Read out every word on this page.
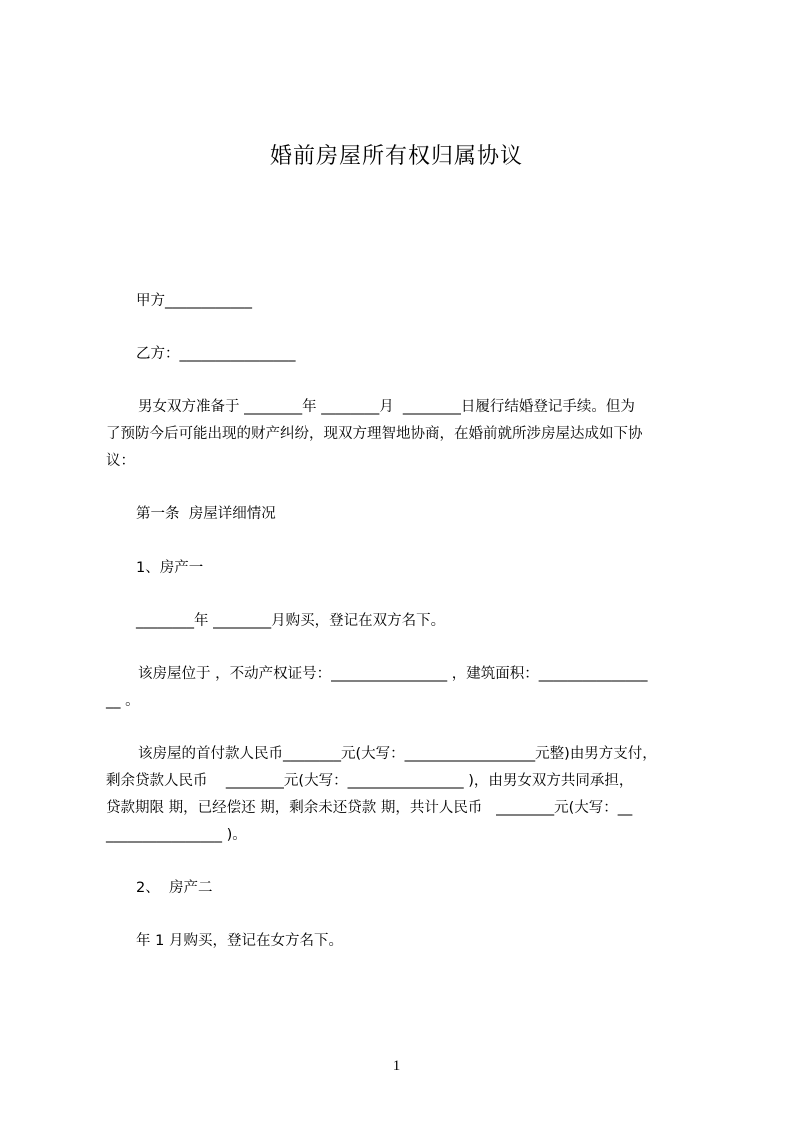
婚前房屋所有权归属协议
甲方____________
乙方：________________
男女双方准备于 ________年 ________月  ________日履行结婚登记手续。但为
了预防今后可能出现的财产纠纷，现双方理智地协商，在婚前就所涉房屋达成如下协
议：
第一条  房屋详细情况
1、房产一
________年 ________月购买，登记在双方名下。
该房屋位于 ，不动产权证号：________________ ，建筑面积：_______________
__ 。
该房屋的首付款人民币________元(大写：__________________元整)由男方支付，
剩余贷款人民币    ________元(大写：________________ )，由男女双方共同承担，
贷款期限 期，已经偿还 期，剩余未还贷款 期，共计人民币   ________元(大写：__
________________ )。
2、  房产二
年 1 月购买，登记在女方名下。
1
